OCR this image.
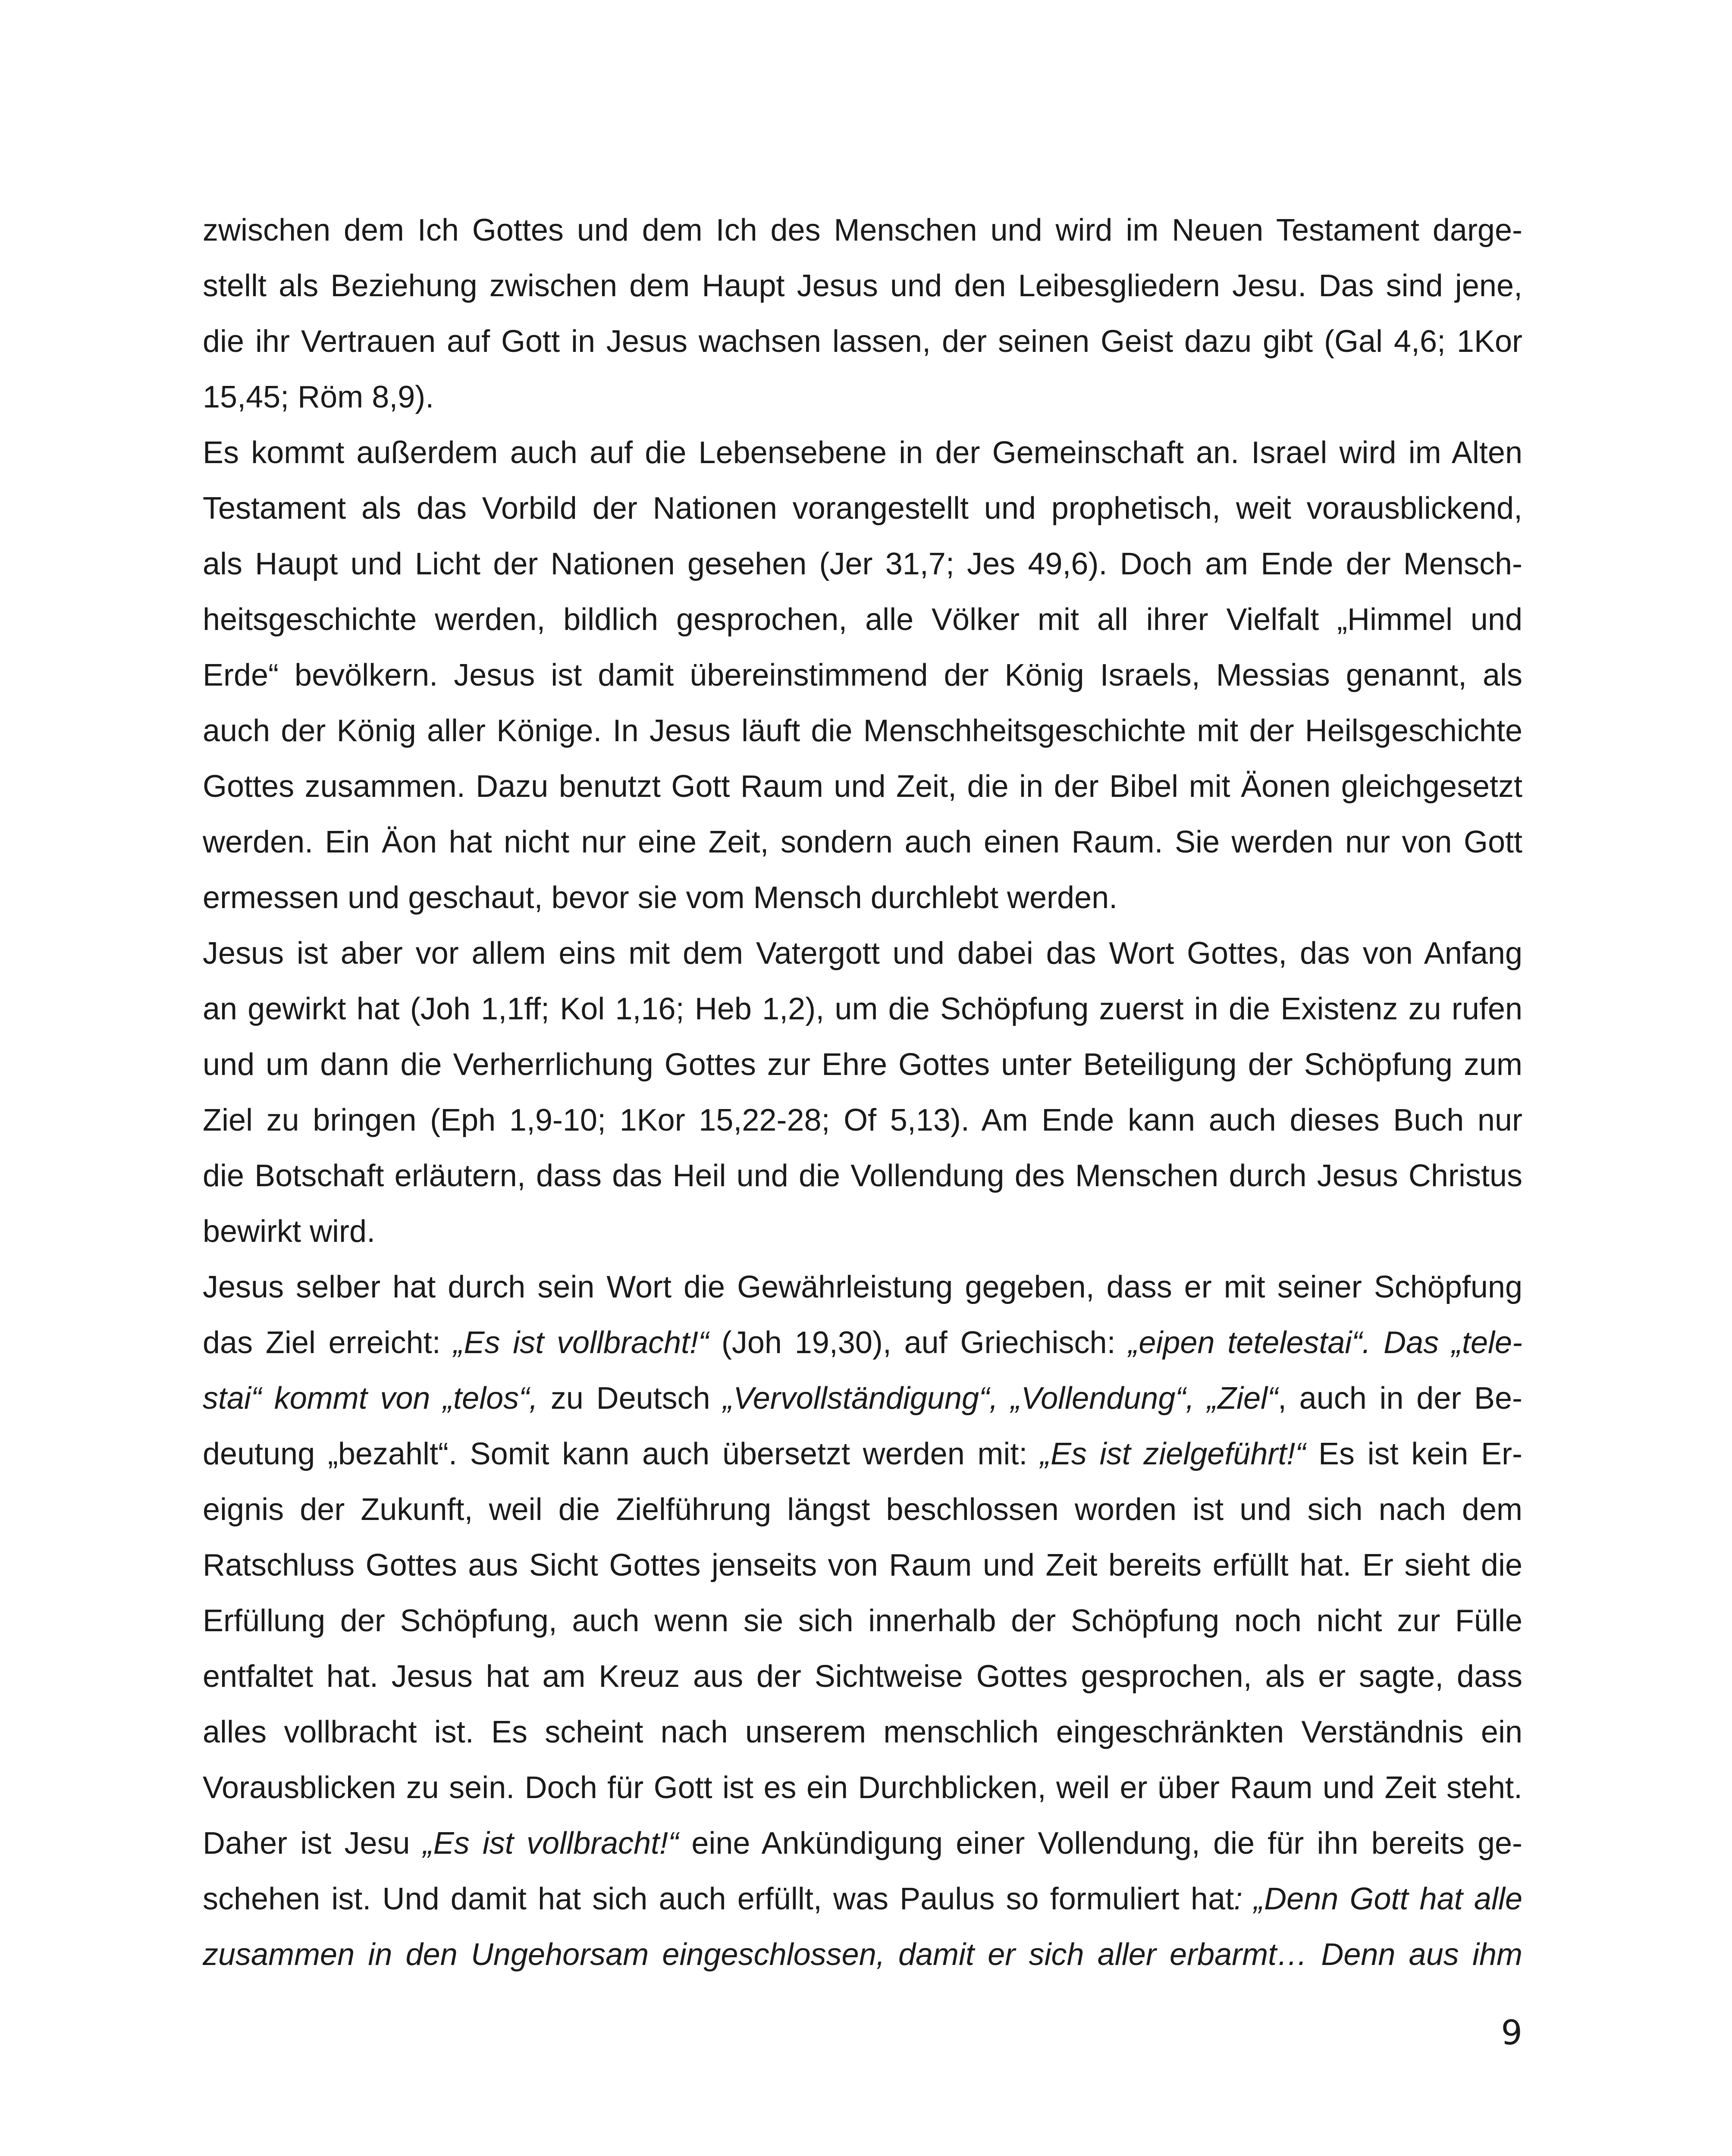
zwischen dem Ich Gottes und dem Ich des Menschen und wird im Neuen Testament darge-
stellt als Beziehung zwischen dem Haupt Jesus und den Leibesgliedern Jesu. Das sind jene,
die ihr Vertrauen auf Gott in Jesus wachsen lassen, der seinen Geist dazu gibt (Gal 4,6; 1Kor
15,45; Röm 8,9).
Es kommt außerdem auch auf die Lebensebene in der Gemeinschaft an. Israel wird im Alten
Testament als das Vorbild der Nationen vorangestellt und prophetisch, weit vorausblickend,
als Haupt und Licht der Nationen gesehen (Jer 31,7; Jes 49,6). Doch am Ende der Mensch-
heitsgeschichte werden, bildlich gesprochen, alle Völker mit all ihrer Vielfalt „Himmel und
Erde“ bevölkern. Jesus ist damit übereinstimmend der König Israels, Messias genannt, als
auch der König aller Könige. In Jesus läuft die Menschheitsgeschichte mit der Heilsgeschichte
Gottes zusammen. Dazu benutzt Gott Raum und Zeit, die in der Bibel mit Äonen gleichgesetzt
werden. Ein Äon hat nicht nur eine Zeit, sondern auch einen Raum. Sie werden nur von Gott
ermessen und geschaut, bevor sie vom Mensch durchlebt werden.
Jesus ist aber vor allem eins mit dem Vatergott und dabei das Wort Gottes, das von Anfang
an gewirkt hat (Joh 1,1ff; Kol 1,16; Heb 1,2), um die Schöpfung zuerst in die Existenz zu rufen
und um dann die Verherrlichung Gottes zur Ehre Gottes unter Beteiligung der Schöpfung zum
Ziel zu bringen (Eph 1,9-10; 1Kor 15,22-28; Of 5,13). Am Ende kann auch dieses Buch nur
die Botschaft erläutern, dass das Heil und die Vollendung des Menschen durch Jesus Christus
bewirkt wird.
Jesus selber hat durch sein Wort die Gewährleistung gegeben, dass er mit seiner Schöpfung
das Ziel erreicht: „Es ist vollbracht!“ (Joh 19,30), auf Griechisch: „eipen tetelestai“. Das „tele-
stai“ kommt von „telos“, zu Deutsch „Vervollständigung“, „Vollendung“, „Ziel“, auch in der Be-
deutung „bezahlt“. Somit kann auch übersetzt werden mit: „Es ist zielgeführt!“ Es ist kein Er-
eignis der Zukunft, weil die Zielführung längst beschlossen worden ist und sich nach dem
Ratschluss Gottes aus Sicht Gottes jenseits von Raum und Zeit bereits erfüllt hat. Er sieht die
Erfüllung der Schöpfung, auch wenn sie sich innerhalb der Schöpfung noch nicht zur Fülle
entfaltet hat. Jesus hat am Kreuz aus der Sichtweise Gottes gesprochen, als er sagte, dass
alles vollbracht ist. Es scheint nach unserem menschlich eingeschränkten Verständnis ein
Vorausblicken zu sein. Doch für Gott ist es ein Durchblicken, weil er über Raum und Zeit steht.
Daher ist Jesu „Es ist vollbracht!“ eine Ankündigung einer Vollendung, die für ihn bereits ge-
schehen ist. Und damit hat sich auch erfüllt, was Paulus so formuliert hat: „Denn Gott hat alle
zusammen in den Ungehorsam eingeschlossen, damit er sich aller erbarmt… Denn aus ihm
9
